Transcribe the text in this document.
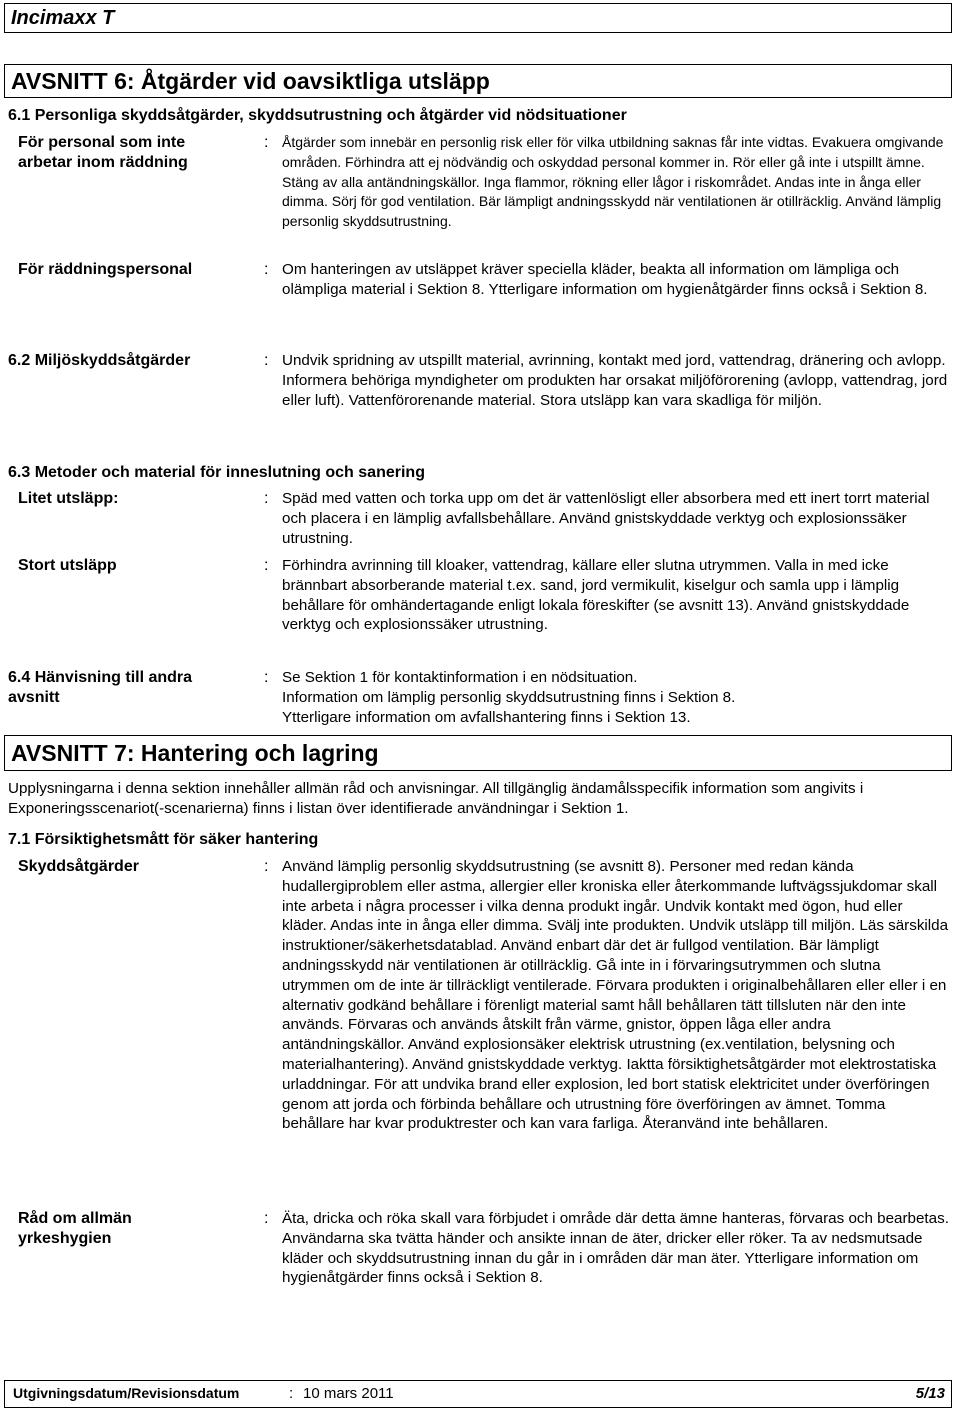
Incimaxx T
AVSNITT 6: Åtgärder vid oavsiktliga utsläpp
6.1 Personliga skyddsåtgärder, skyddsutrustning och åtgärder vid nödsituationer
För personal som inte
arbetar inom räddning
: Åtgärder som innebär en personlig risk eller för vilka utbildning saknas får inte vidtas. Evakuera omgivande områden. Förhindra att ej nödvändig och oskyddad personal kommer in. Rör eller gå inte i utspillt ämne. Stäng av alla antändningskällor. Inga flammor, rökning eller lågor i riskområdet. Andas inte in ånga eller dimma. Sörj för god ventilation. Bär lämpligt andningsskydd när ventilationen är otillräcklig. Använd lämplig personlig skyddsutrustning.
För räddningspersonal	: Om hanteringen av utsläppet kräver speciella kläder, beakta all information om lämpliga och olämpliga material i Sektion 8. Ytterligare information om hygienåtgärder finns också i Sektion 8.
6.2 Miljöskyddsåtgärder	: Undvik spridning av utspillt material, avrinning, kontakt med jord, vattendrag, dränering och avlopp. Informera behöriga myndigheter om produkten har orsakat miljöförorening (avlopp, vattendrag, jord eller luft). Vattenförorenande material. Stora utsläpp kan vara skadliga för miljön.
6.3 Metoder och material för inneslutning och sanering
Litet utsläpp:	: Späd med vatten och torka upp om det är vattenlösligt eller absorbera med ett inert torrt material och placera i en lämplig avfallsbehållare. Använd gnistskyddade verktyg och explosionssäker utrustning.
Stort utsläpp	: Förhindra avrinning till kloaker, vattendrag, källare eller slutna utrymmen. Valla in med icke brännbart absorberande material t.ex. sand, jord vermikulit, kiselgur och samla upp i lämplig behållare för omhändertagande enligt lokala föreskifter (se avsnitt 13). Använd gnistskyddade verktyg och explosionssäker utrustning.
6.4 Hänvisning till andra
avsnitt
: Se Sektion 1 för kontaktinformation i en nödsituation.
Information om lämplig personlig skyddsutrustning finns i Sektion 8.
Ytterligare information om avfallshantering finns i Sektion 13.
AVSNITT 7: Hantering och lagring
Upplysningarna i denna sektion innehåller allmän råd och anvisningar. All tillgänglig ändamålsspecifik information som angivits i Exponeringsscenariot(-scenarierna) finns i listan över identifierade användningar i Sektion 1.
7.1 Försiktighetsmått för säker hantering
Skyddsåtgärder	: Använd lämplig personlig skyddsutrustning (se avsnitt 8). Personer med redan kända hudallergiproblem eller astma, allergier eller kroniska eller återkommande luftvägssjukdomar skall inte arbeta i några processer i vilka denna produkt ingår. Undvik kontakt med ögon, hud eller kläder. Andas inte in ånga eller dimma. Svälj inte produkten. Undvik utsläpp till miljön. Läs särskilda instruktioner/säkerhetsdatablad. Använd enbart där det är fullgod ventilation. Bär lämpligt andningsskydd när ventilationen är otillräcklig. Gå inte in i förvaringsutrymmen och slutna utrymmen om de inte är tillräckligt ventilerade. Förvara produkten i originalbehållaren eller eller i en alternativ godkänd behållare i förenligt material samt håll behållaren tätt tillsluten när den inte används. Förvaras och används åtskilt från värme, gnistor, öppen låga eller andra antändningskällor. Använd explosionsäker elektrisk utrustning (ex.ventilation, belysning och materialhantering). Använd gnistskyddade verktyg. Iaktta försiktighetsåtgärder mot elektrostatiska urladdningar. För att undvika brand eller explosion, led bort statisk elektricitet under överföringen genom att jorda och förbinda behållare och utrustning före överföringen av ämnet. Tomma behållare har kvar produktrester och kan vara farliga. Återanvänd inte behållaren.
Råd om allmän
yrkeshygien
: Äta, dricka och röka skall vara förbjudet i område där detta ämne hanteras, förvaras och bearbetas. Användarna ska tvätta händer och ansikte innan de äter, dricker eller röker. Ta av nedsmutsade kläder och skyddsutrustning innan du går in i områden där man äter. Ytterligare information om hygienåtgärder finns också i Sektion 8.
Utgivningsdatum/Revisionsdatum	: 10 mars 2011	5/13
